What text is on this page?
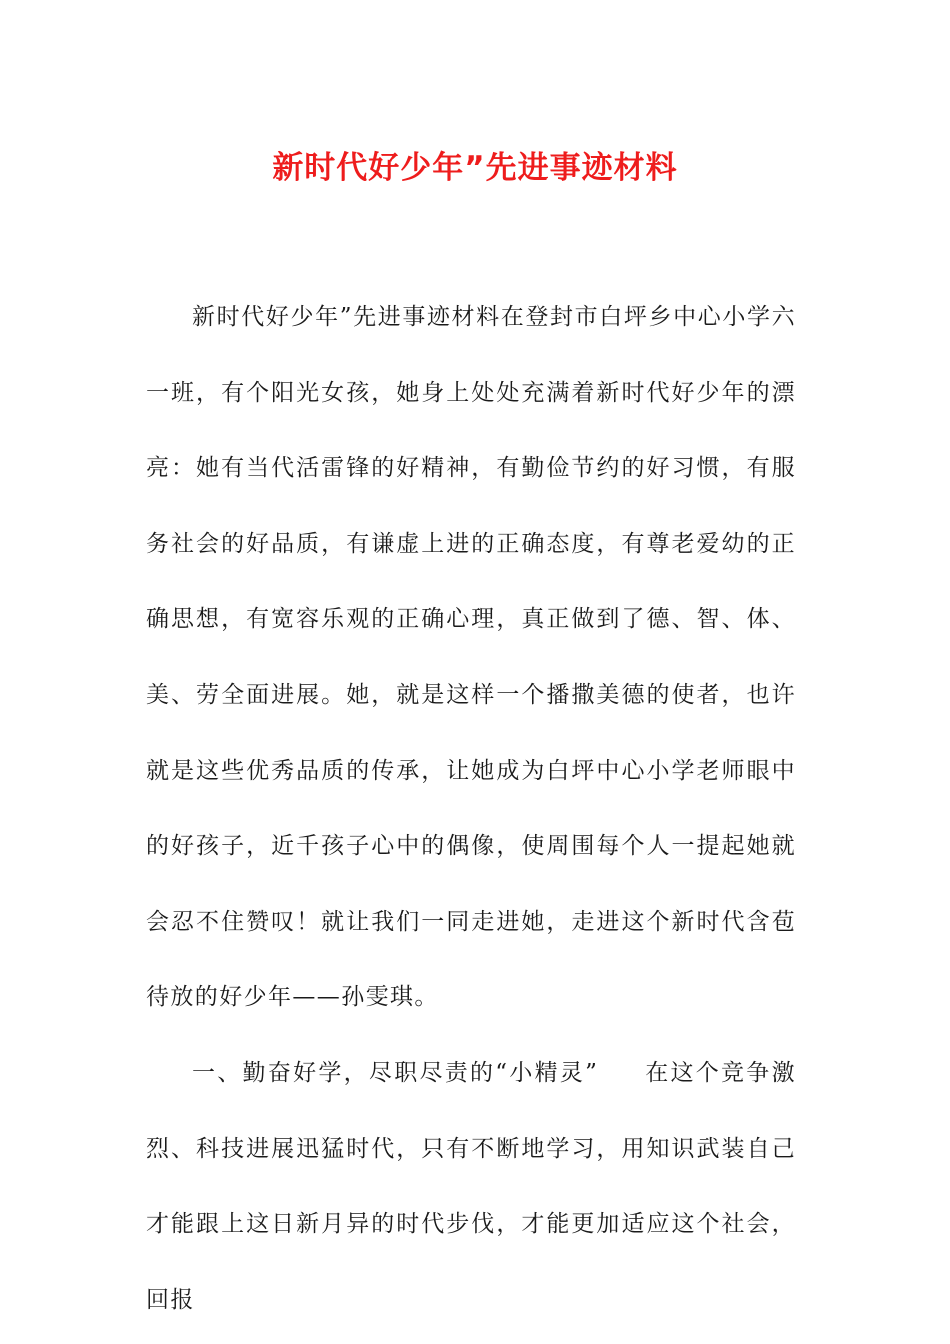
新时代好少年”先进事迹材料

新时代好少年”先进事迹材料在登封市白坪乡中心小学六一班，有个阳光女孩，她身上处处充满着新时代好少年的漂亮：她有当代活雷锋的好精神，有勤俭节约的好习惯，有服务社会的好品质，有谦虚上进的正确态度，有尊老爱幼的正确思想，有宽容乐观的正确心理，真正做到了德、智、体、美、劳全面进展。她，就是这样一个播撒美德的使者，也许就是这些优秀品质的传承，让她成为白坪中心小学老师眼中的好孩子，近千孩子心中的偶像，使周围每个人一提起她就会忍不住赞叹！就让我们一同走进她，走进这个新时代含苞待放的好少年——孙雯琪。

一、勤奋好学，尽职尽责的“小精灵” 在这个竞争激烈、科技进展迅猛时代，只有不断地学习，用知识武装自己才能跟上这日新月异的时代步伐，才能更加适应这个社会，回报
